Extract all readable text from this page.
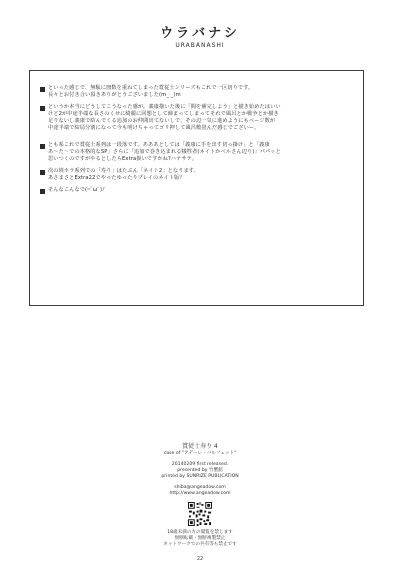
ウラバナシ
URABANASHI
といった感じで、無駄に冊数を重ねてしまった賞従士シリーズもこれで一区切りです。
長々とお付き合い頂きありがとうございました(m_ _)m
というか本当にどうしてこうなった感が。義康描いた後に「間を補完しよう」と描き始めたはいい
けど2が中途半端な長さのくせに綺麗に回想として締まってしまってそれで風呂とか戦争とか描き
足りないし義康で結んでくる追加のお仲間出てないしで、その辺一気に進めようにもページ数が
中途半端で結局分割になって今も明けちゃってゴリ押して風呂敷畳んだ感じでございー。
とも系これで賞従士系列は一段落です。あああとしては「義康に手を出す切っ掛け」と「義康
あ～た～での本格的なSP」さらに「追加で巻き込まれる犠牲者(ネイトかベルさん辺り)」パパッと
思いつくのですがやるとしたらExtra扱いですかね?ハテサテ。
次の境ホラ系列での「寿り」はたぶん「ネイト2」となります。
あさまさとExtra22でやったゆったりプレイのネイト版？
そんなこんなで(=ﾟωﾟ)ﾉ
賞従士寿り 4
case of "アデーレ・バルフェット"
20140209 first released.
presented by 竹蟹舘
printed by SUNRIZE PUBLICATION
shiba@angeadow.com
http://www.angeadow.com
18歳未満の方の閲覧を禁じます
無断転載・無断複製禁止
ネットワークでの共有等も禁止です
22
